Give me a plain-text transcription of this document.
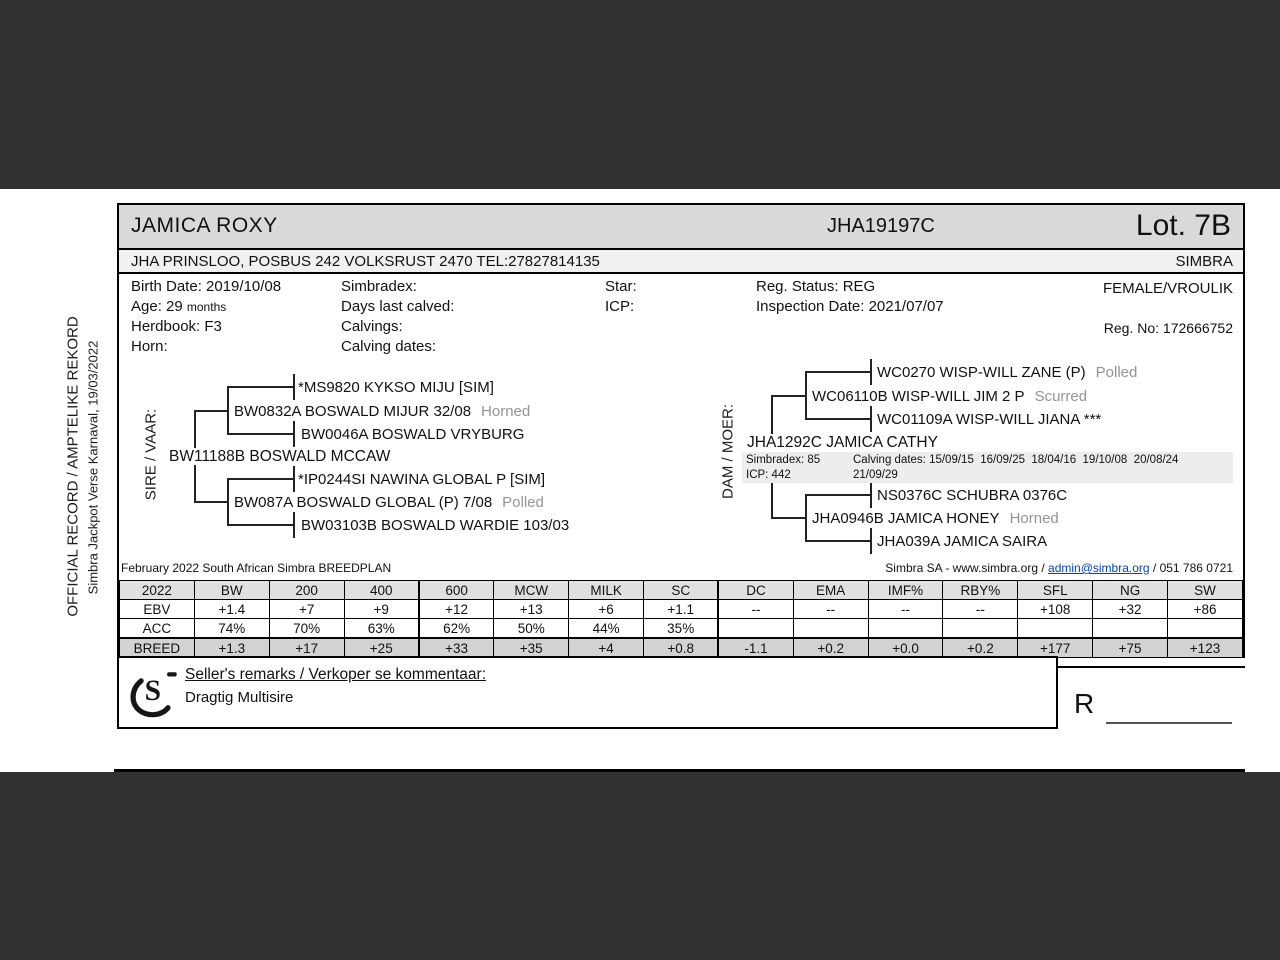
OFFICIAL RECORD / AMPTELIKE REKORD Simbra Jackpot Verse Karnaval, 19/03/2022
JAMICA ROXY	JHA19197C	Lot. 7B
JHA PRINSLOO, POSBUS 242 VOLKSRUST 2470 TEL:27827814135	SIMBRA
Birth Date: 2019/10/08
Age: 29 months
Herdbook: F3
Horn:
Simbradex:
Days last calved:
Calvings:
Calving dates:
Star:
ICP:
Reg. Status: REG
Inspection Date: 2021/07/07
FEMALE/VROULIK
Reg. No: 172666752
*MS9820 KYKSO MIJU [SIM]
BW0832A BOSWALD MIJUR 32/08 Horned
BW0046A BOSWALD VRYBURG
BW11188B BOSWALD MCCAW
*IP0244SI NAWINA GLOBAL P [SIM]
BW087A BOSWALD GLOBAL (P) 7/08 Polled
BW03103B BOSWALD WARDIE 103/03
WC0270 WISP-WILL ZANE (P) Polled
WC06110B WISP-WILL JIM 2 P Scurred
WC01109A WISP-WILL JIANA ***
JHA1292C JAMICA CATHY
Simbradex: 85
ICP: 442
Calving dates: 15/09/15  16/09/25  18/04/16  19/10/08  20/08/24
21/09/29
NS0376C SCHUBRA 0376C
JHA0946B JAMICA HONEY Horned
JHA039A JAMICA SAIRA
February 2022 South African Simbra BREEDPLAN	Simbra SA - www.simbra.org / admin@simbra.org / 051 786 0721
2022	BW	200	400	600	MCW	MILK	SC	DC	EMA	IMF%	RBY%	SFL	NG	SW
EBV	+1.4	+7	+9	+12	+13	+6	+1.1	--	--	--	--	+108	+32	+86
ACC	74%	70%	63%	62%	50%	44%	35%							
BREED	+1.3	+17	+25	+33	+35	+4	+0.8	-1.1	+0.2	+0.0	+0.2	+177	+75	+123
SIRE / VAAR:	DAM / MOER:
S
Seller's remarks / Verkoper se kommentaar:
Dragtig Multisire	R
